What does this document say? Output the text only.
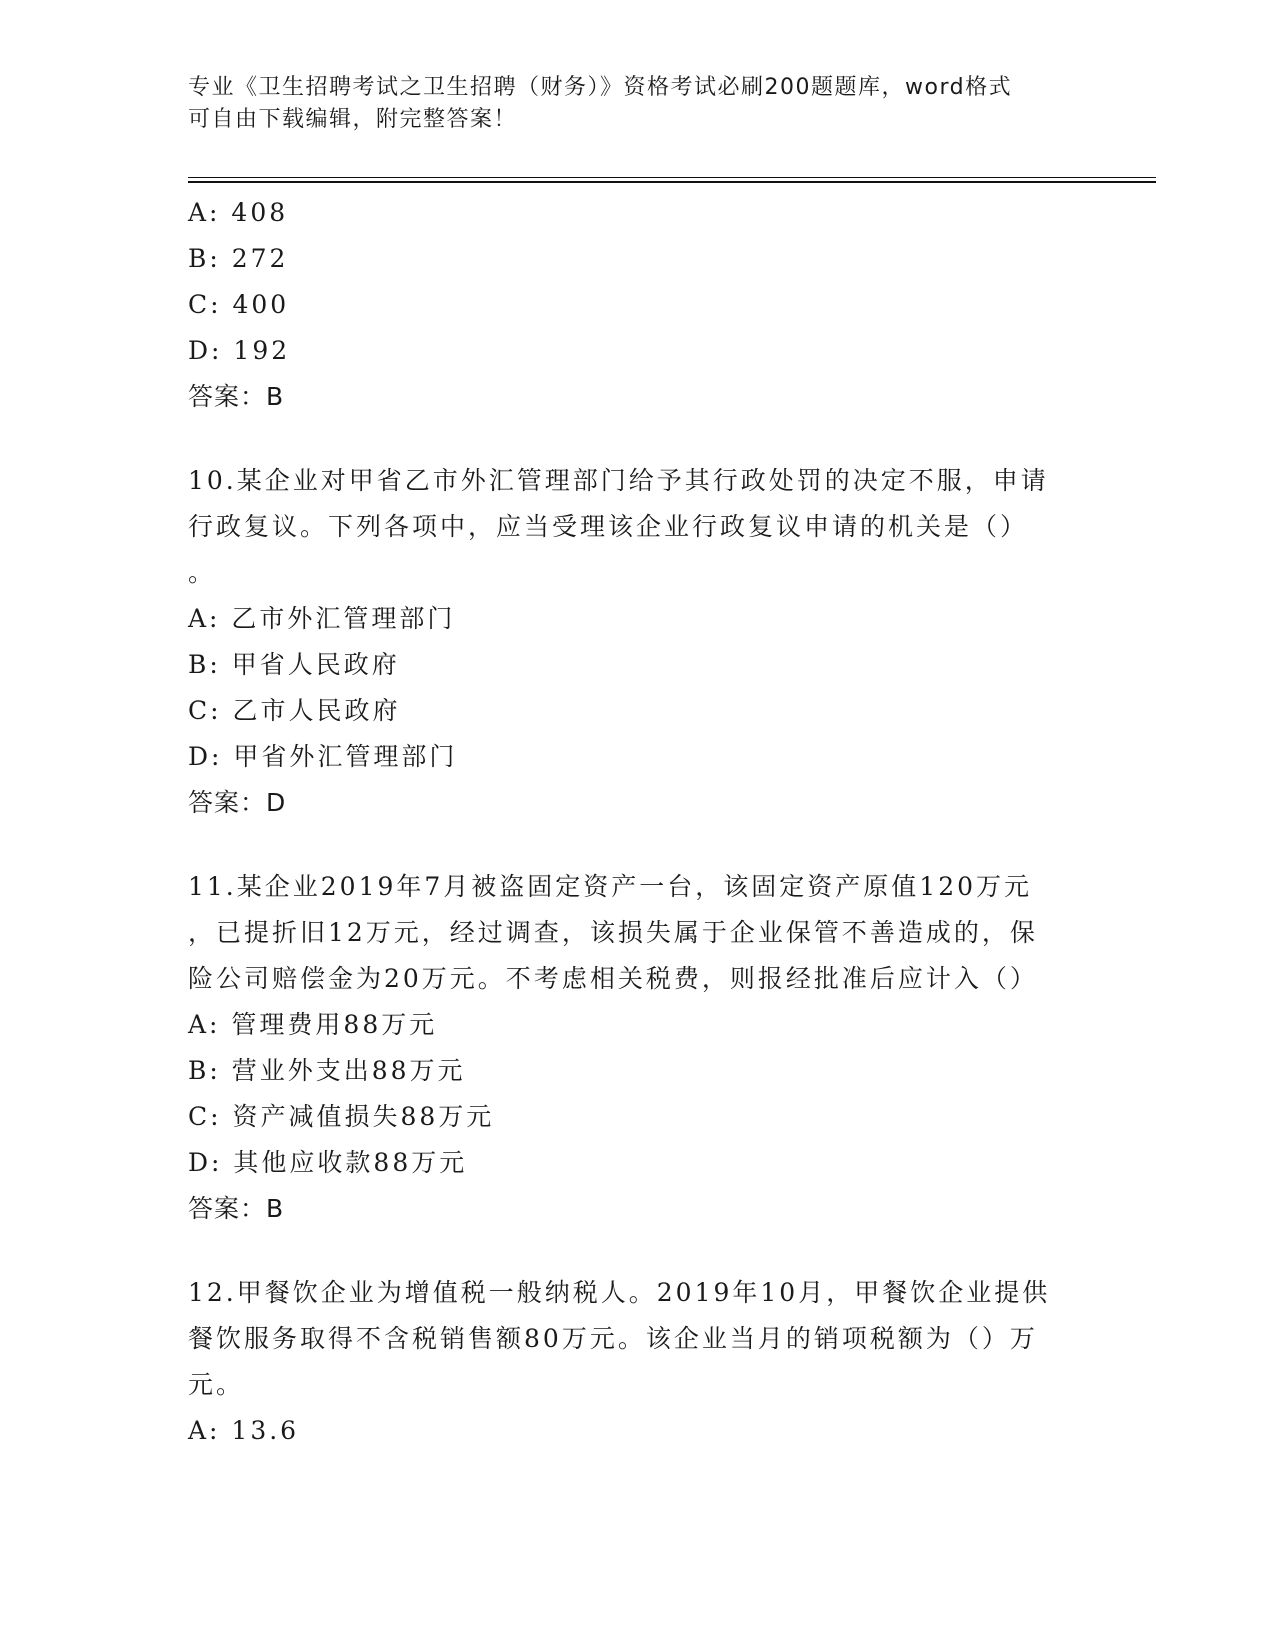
专业《卫生招聘考试之卫生招聘（财务）》资格考试必刷200题题库，word格式
可自由下载编辑，附完整答案！
A: 408
B: 272
C: 400
D: 192
答案：B
10.某企业对甲省乙市外汇管理部门给予其行政处罚的决定不服，申请
行政复议。下列各项中，应当受理该企业行政复议申请的机关是（）
。
A: 乙市外汇管理部门
B: 甲省人民政府
C: 乙市人民政府
D: 甲省外汇管理部门
答案：D
11.某企业2019年7月被盗固定资产一台，该固定资产原值120万元
，已提折旧12万元，经过调查，该损失属于企业保管不善造成的，保
险公司赔偿金为20万元。不考虑相关税费，则报经批准后应计入（）
A: 管理费用88万元
B: 营业外支出88万元
C: 资产减值损失88万元
D: 其他应收款88万元
答案：B
12.甲餐饮企业为增值税一般纳税人。2019年10月，甲餐饮企业提供
餐饮服务取得不含税销售额80万元。该企业当月的销项税额为（）万
元。
A: 13.6
